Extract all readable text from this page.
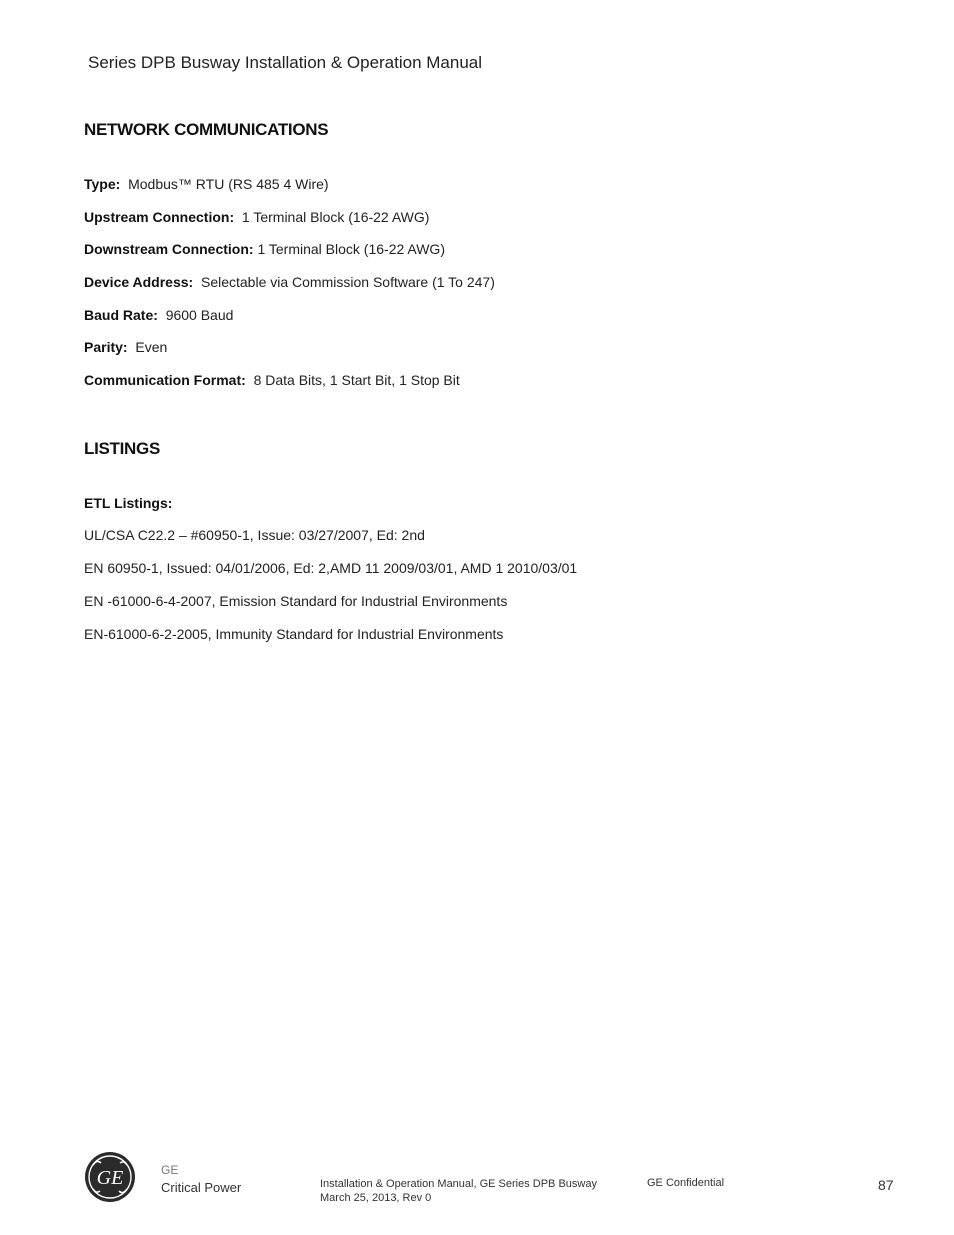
Series DPB Busway Installation & Operation Manual
NETWORK COMMUNICATIONS
Type: Modbus™ RTU (RS 485 4 Wire)
Upstream Connection: 1 Terminal Block (16-22 AWG)
Downstream Connection: 1 Terminal Block (16-22 AWG)
Device Address: Selectable via Commission Software (1 To 247)
Baud Rate: 9600 Baud
Parity: Even
Communication Format: 8 Data Bits, 1 Start Bit, 1 Stop Bit
LISTINGS
ETL Listings:
UL/CSA C22.2 – #60950-1, Issue: 03/27/2007, Ed: 2nd
EN 60950-1, Issued: 04/01/2006, Ed: 2,AMD 11 2009/03/01, AMD 1 2010/03/01
EN -61000-6-4-2007, Emission Standard for Industrial Environments
EN-61000-6-2-2005, Immunity Standard for Industrial Environments
GE	GE
Critical Power	Installation & Operation Manual, GE Series DPB Busway
March 25, 2013, Rev 0
GE Confidential	87
